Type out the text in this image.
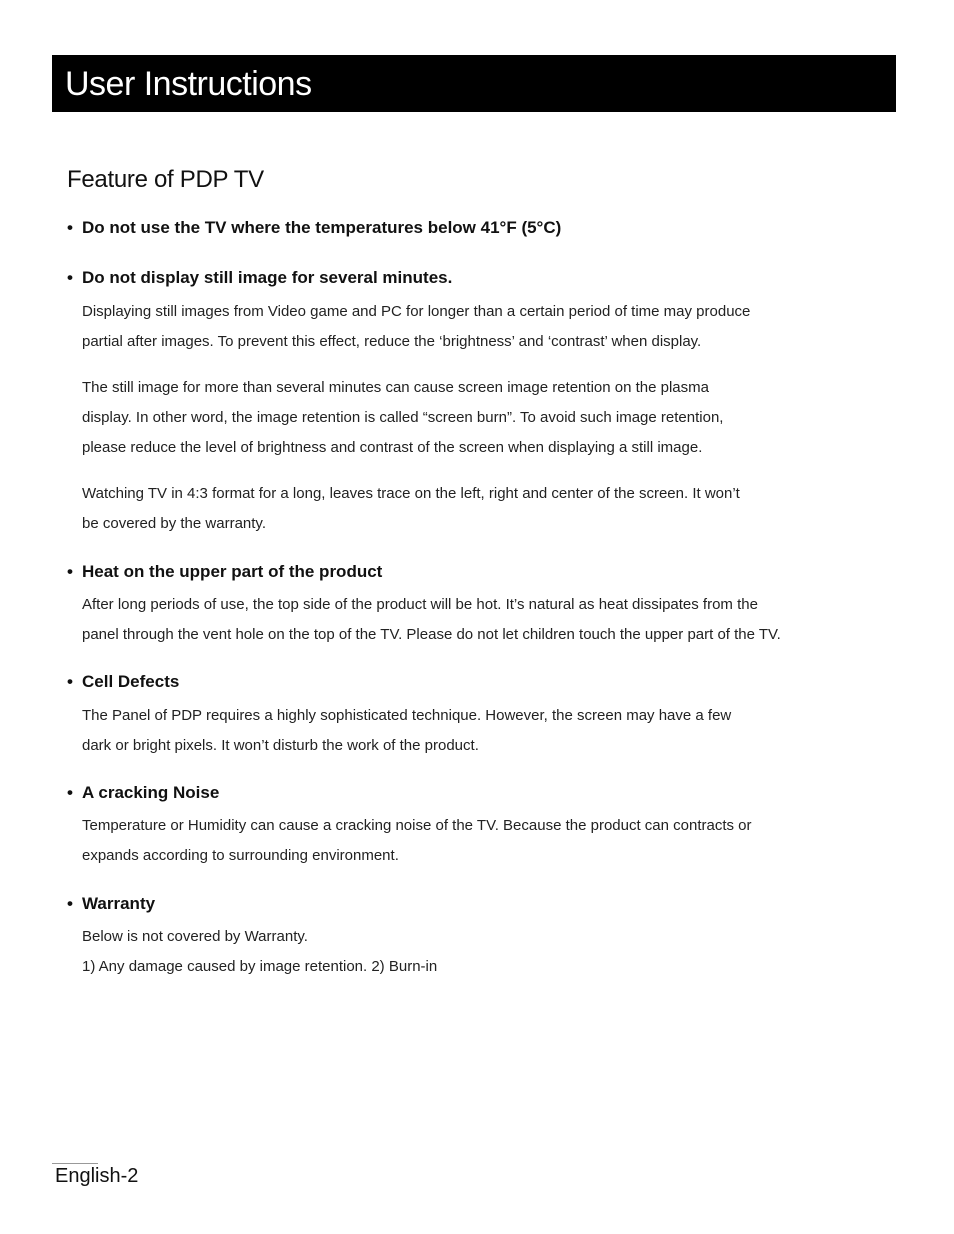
User Instructions
Feature of PDP TV
• Do not use the TV where the temperatures below 41°F (5°C)
• Do not display still image for several minutes.

Displaying still images from Video game and PC for longer than a certain period of time may produce
partial after images. To prevent this effect, reduce the ‘brightness’ and ‘contrast’ when display.

The still image for more than several minutes can cause screen image retention on the plasma
display. In other word, the image retention is called “screen burn”. To avoid such image retention,
please reduce the level of brightness and contrast of the screen when displaying a still image.

Watching TV in 4:3 format for a long, leaves trace on the left, right and center of the screen. It won’t
be covered by the warranty.

• Heat on the upper part of the product

After long periods of use, the top side of the product will be hot. It’s natural as heat dissipates from the
panel through the vent hole on the top of the TV. Please do not let children touch the upper part of the TV.

• Cell Defects

The Panel of PDP requires a highly sophisticated technique. However, the screen may have a few
dark or bright pixels. It won’t disturb the work of the product.

• A cracking Noise

Temperature or Humidity can cause a cracking noise of the TV. Because the product can contracts or
expands according to surrounding environment.

• Warranty

Below is not covered by Warranty.
1) Any damage caused by image retention. 2) Burn-in

English-2
